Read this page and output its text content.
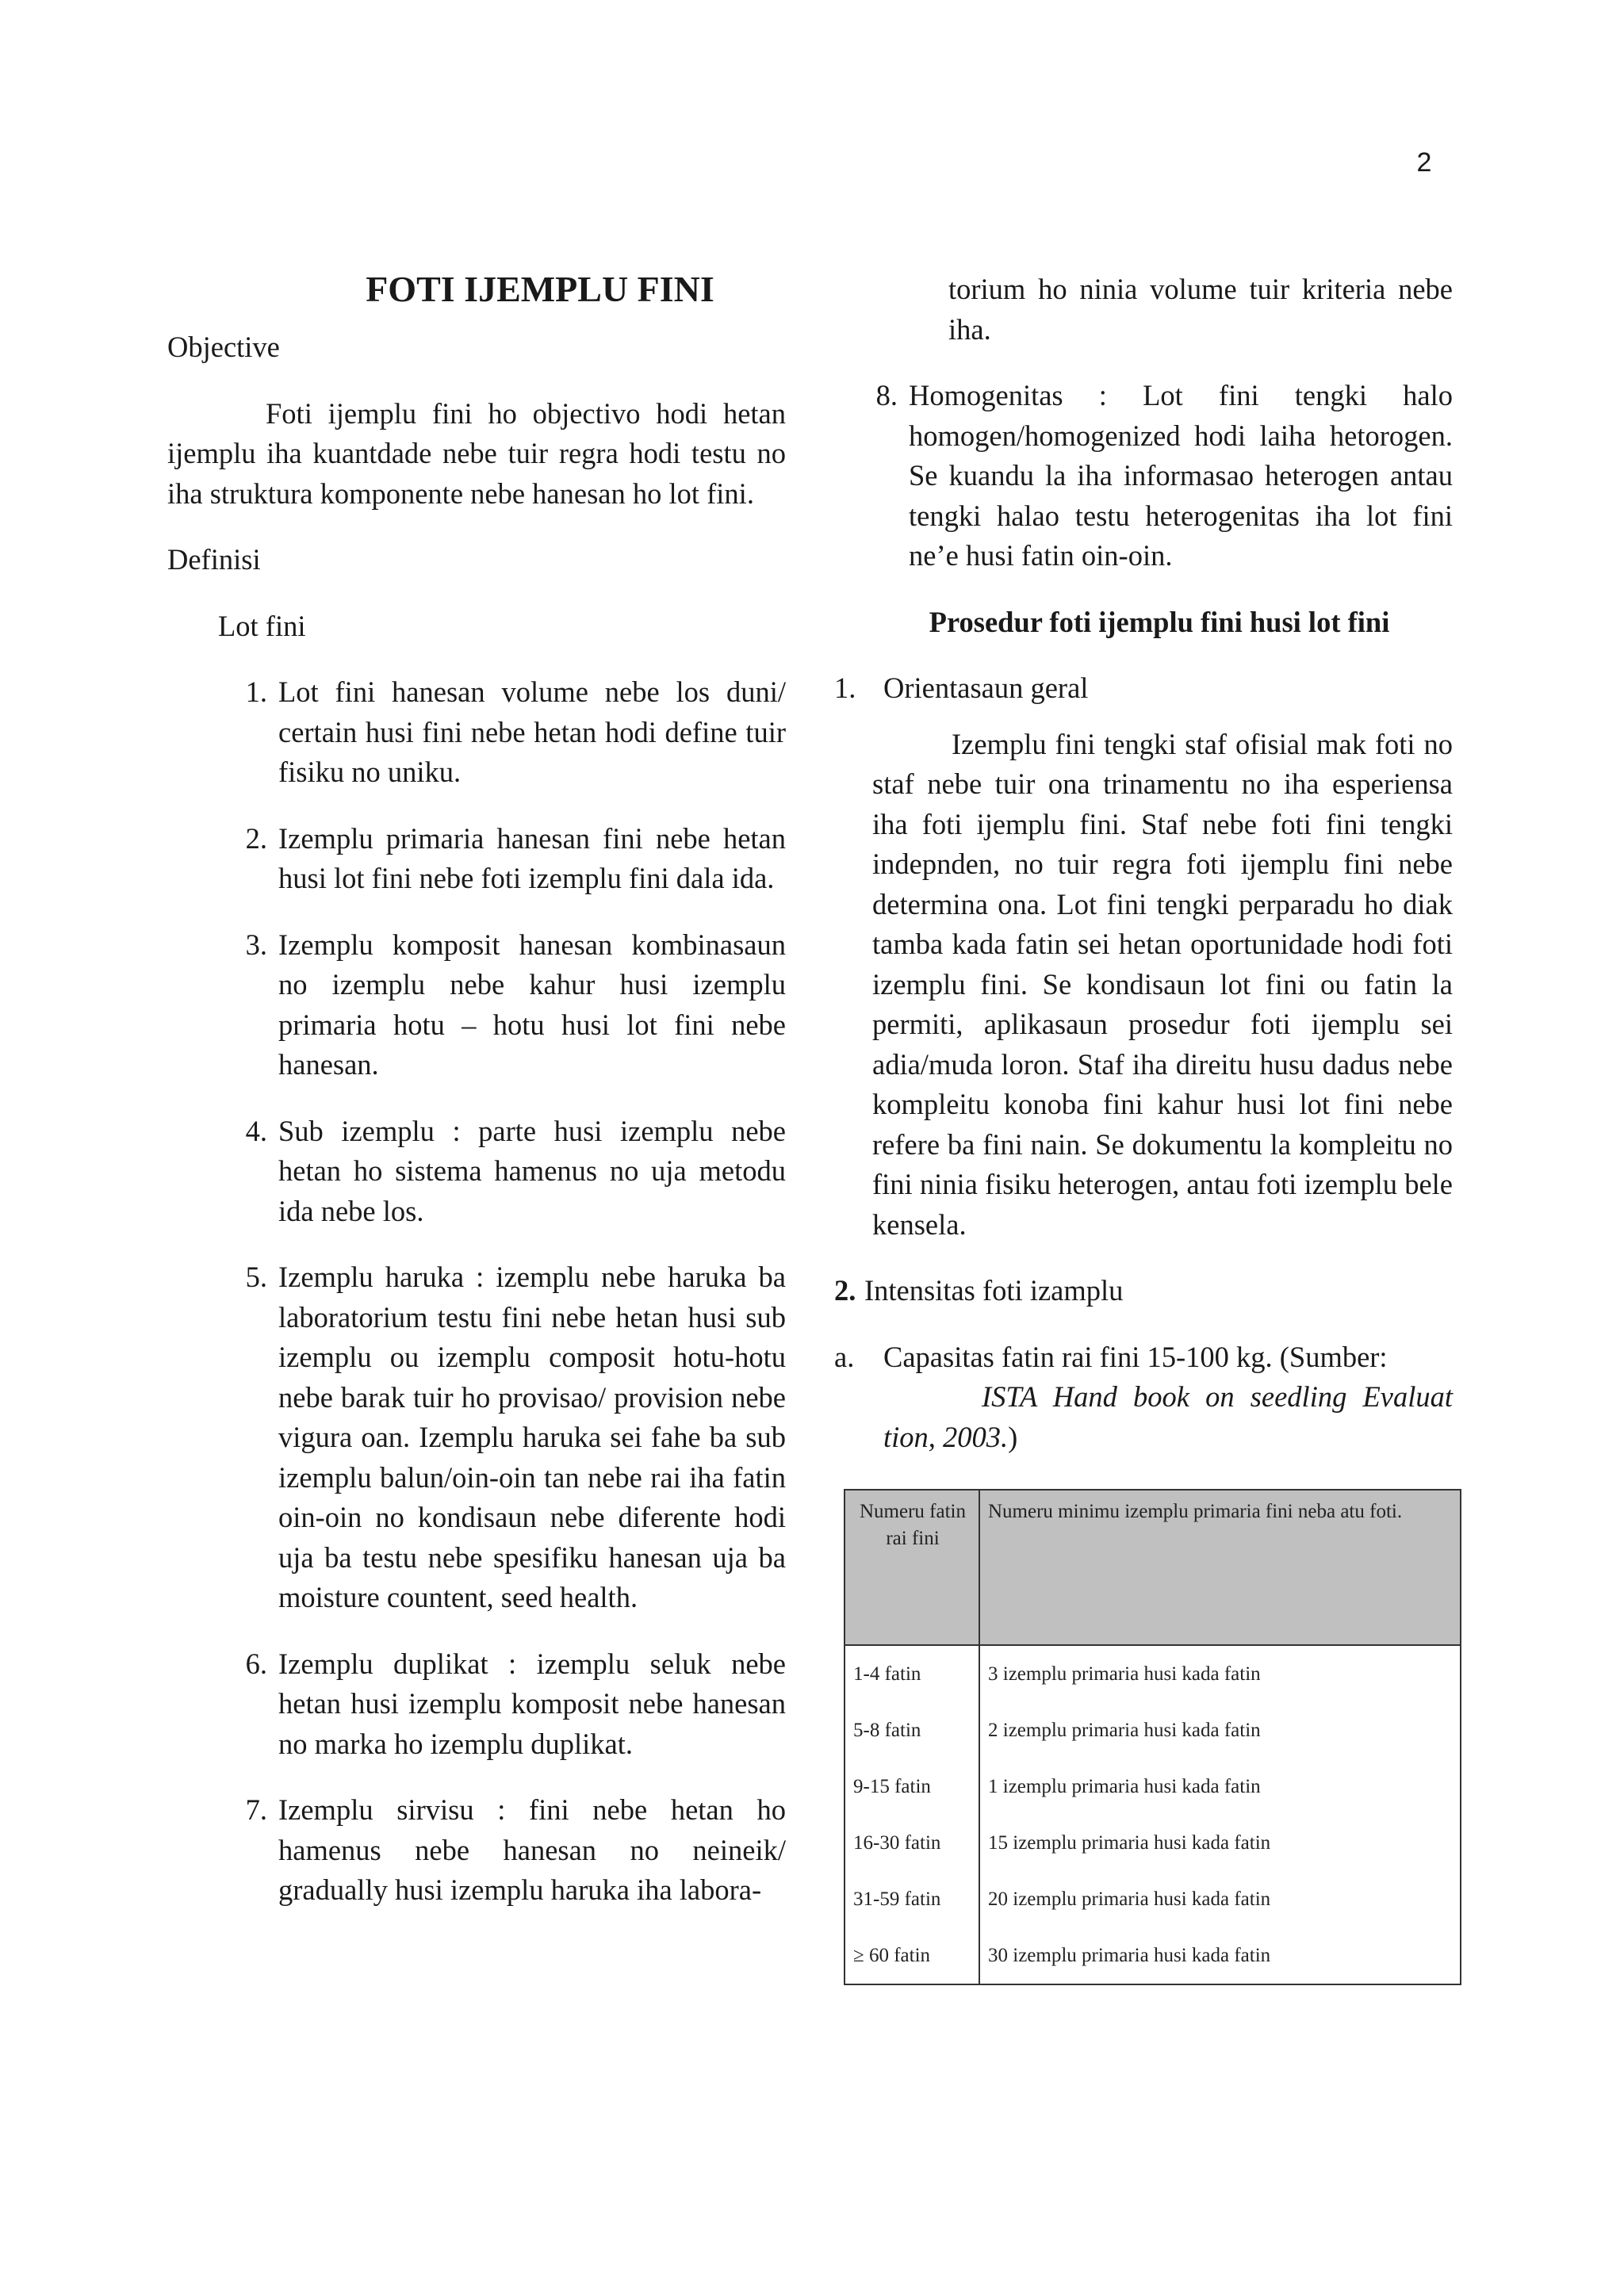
2
FOTI IJEMPLU FINI
Objective
Foti ijemplu fini ho objectivo hodi hetan ijemplu iha kuantdade nebe tuir regra hodi testu no iha struktura komponente nebe hanesan ho lot fini.
Definisi
Lot fini
1. Lot fini hanesan volume nebe los duni/ certain husi fini nebe hetan hodi define tuir fisiku no uniku.
2. Izemplu primaria hanesan fini nebe hetan husi lot fini nebe foti izemplu fini dala ida.
3. Izemplu komposit hanesan kombinasaun no izemplu nebe kahur husi izemplu primaria hotu – hotu husi lot fini nebe hanesan.
4. Sub izemplu : parte husi izemplu nebe hetan ho sistema hamenus no uja metodu ida nebe los.
5. Izemplu haruka : izemplu nebe haruka ba laboratorium testu fini nebe hetan husi sub izemplu ou izemplu composit hotu-hotu nebe barak tuir ho provisao/ provision nebe vigura oan. Izemplu haruka sei fahe ba sub izemplu balun/oin-oin tan nebe rai iha fatin oin-oin no kondisaun nebe diferente hodi uja ba testu nebe spesifiku hanesan uja ba moisture countent, seed health.
6. Izemplu duplikat : izemplu seluk nebe hetan husi izemplu komposit nebe hanesan no marka ho izemplu duplikat.
7. Izemplu sirvisu : fini nebe hetan ho hamenus nebe hanesan no neineik/ gradually husi izemplu haruka iha labora-
torium ho ninia volume tuir kriteria nebe iha.
8. Homogenitas : Lot fini tengki halo homogen/homogenized hodi laiha hetorogen. Se kuandu la iha informasao heterogen antau tengki halao testu heterogenitas iha lot fini ne’e husi fatin oin-oin.
Prosedur foti ijemplu fini husi lot fini
1. Orientasaun geral
Izemplu fini tengki staf ofisial mak foti no staf nebe tuir ona trinamentu no iha esperiensa iha foti ijemplu fini. Staf nebe foti fini tengki indepnden, no tuir regra foti ijemplu fini nebe determina ona. Lot fini tengki perparadu ho diak tamba kada fatin sei hetan oportunidade hodi foti izemplu fini. Se kondisaun lot fini ou fatin la permiti, aplikasaun prosedur foti ijemplu sei adia/muda loron. Staf iha direitu husu dadus nebe kompleitu konoba fini kahur husi lot fini nebe refere ba fini nain. Se dokumentu la kompleitu no fini ninia fisiku heterogen, antau foti izemplu bele kensela.
2. Intensitas foti izamplu
a.	Capasitas fatin rai fini 15-100 kg. (Sumber:
ISTA Hand book on seedling Evaluat tion, 2003.)
Numeru fatin rai fini	Numeru minimu izemplu primaria fini neba atu foti.
1-4 fatin	3 izemplu primaria husi kada fatin
5-8 fatin	2 izemplu primaria husi kada fatin
9-15 fatin	1 izemplu primaria husi kada fatin
16-30 fatin	15 izemplu primaria husi kada fatin
31-59 fatin	20 izemplu primaria husi kada fatin
≥ 60 fatin	30 izemplu primaria husi kada fatin
